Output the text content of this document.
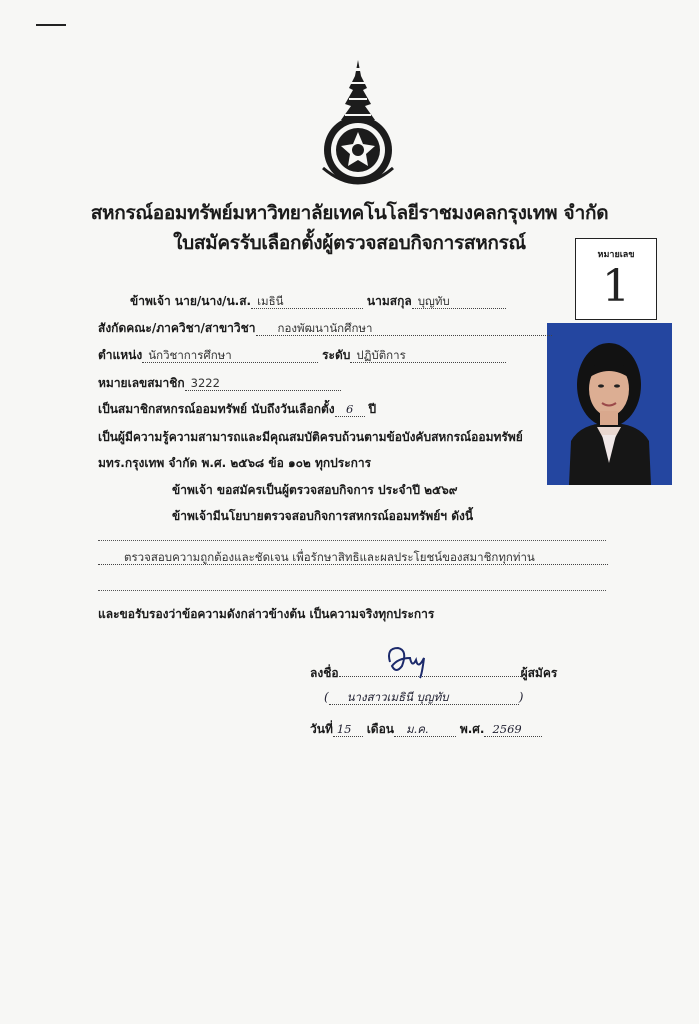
สหกรณ์ออมทรัพย์มหาวิทยาลัยเทคโนโลยีราชมงคลกรุงเทพ จำกัด
ใบสมัครรับเลือกตั้งผู้ตรวจสอบกิจการสหกรณ์
หมายเลข
1
ข้าพเจ้า นาย/นาง/น.ส. เมธินี	นามสกุล บุญทับ
สังกัดคณะ/ภาควิชา/สาขาวิชา กองพัฒนานักศึกษา
ตำแหน่ง นักวิชาการศึกษา	ระดับ ปฏิบัติการ
หมายเลขสมาชิก 3222
เป็นสมาชิกสหกรณ์ออมทรัพย์ นับถึงวันเลือกตั้ง 6 ปี
เป็นผู้มีความรู้ความสามารถและมีคุณสมบัติครบถ้วนตามข้อบังคับสหกรณ์ออมทรัพย์
มทร.กรุงเทพ จำกัด พ.ศ. ๒๕๖๘ ข้อ ๑๐๒ ทุกประการ
ข้าพเจ้า ขอสมัครเป็นผู้ตรวจสอบกิจการ ประจำปี ๒๕๖๙
ข้าพเจ้ามีนโยบายตรวจสอบกิจการสหกรณ์ออมทรัพย์ฯ ดังนี้
ตรวจสอบความถูกต้องและชัดเจน เพื่อรักษาสิทธิและผลประโยชน์ของสมาชิกทุกท่าน
และขอรับรองว่าข้อความดังกล่าวข้างต้น เป็นความจริงทุกประการ
ลงชื่อ	ผู้สมัคร
( นางสาวเมธินี บุญทับ	)
วันที่ 15 เดือน ม.ค.	พ.ศ. 2569
